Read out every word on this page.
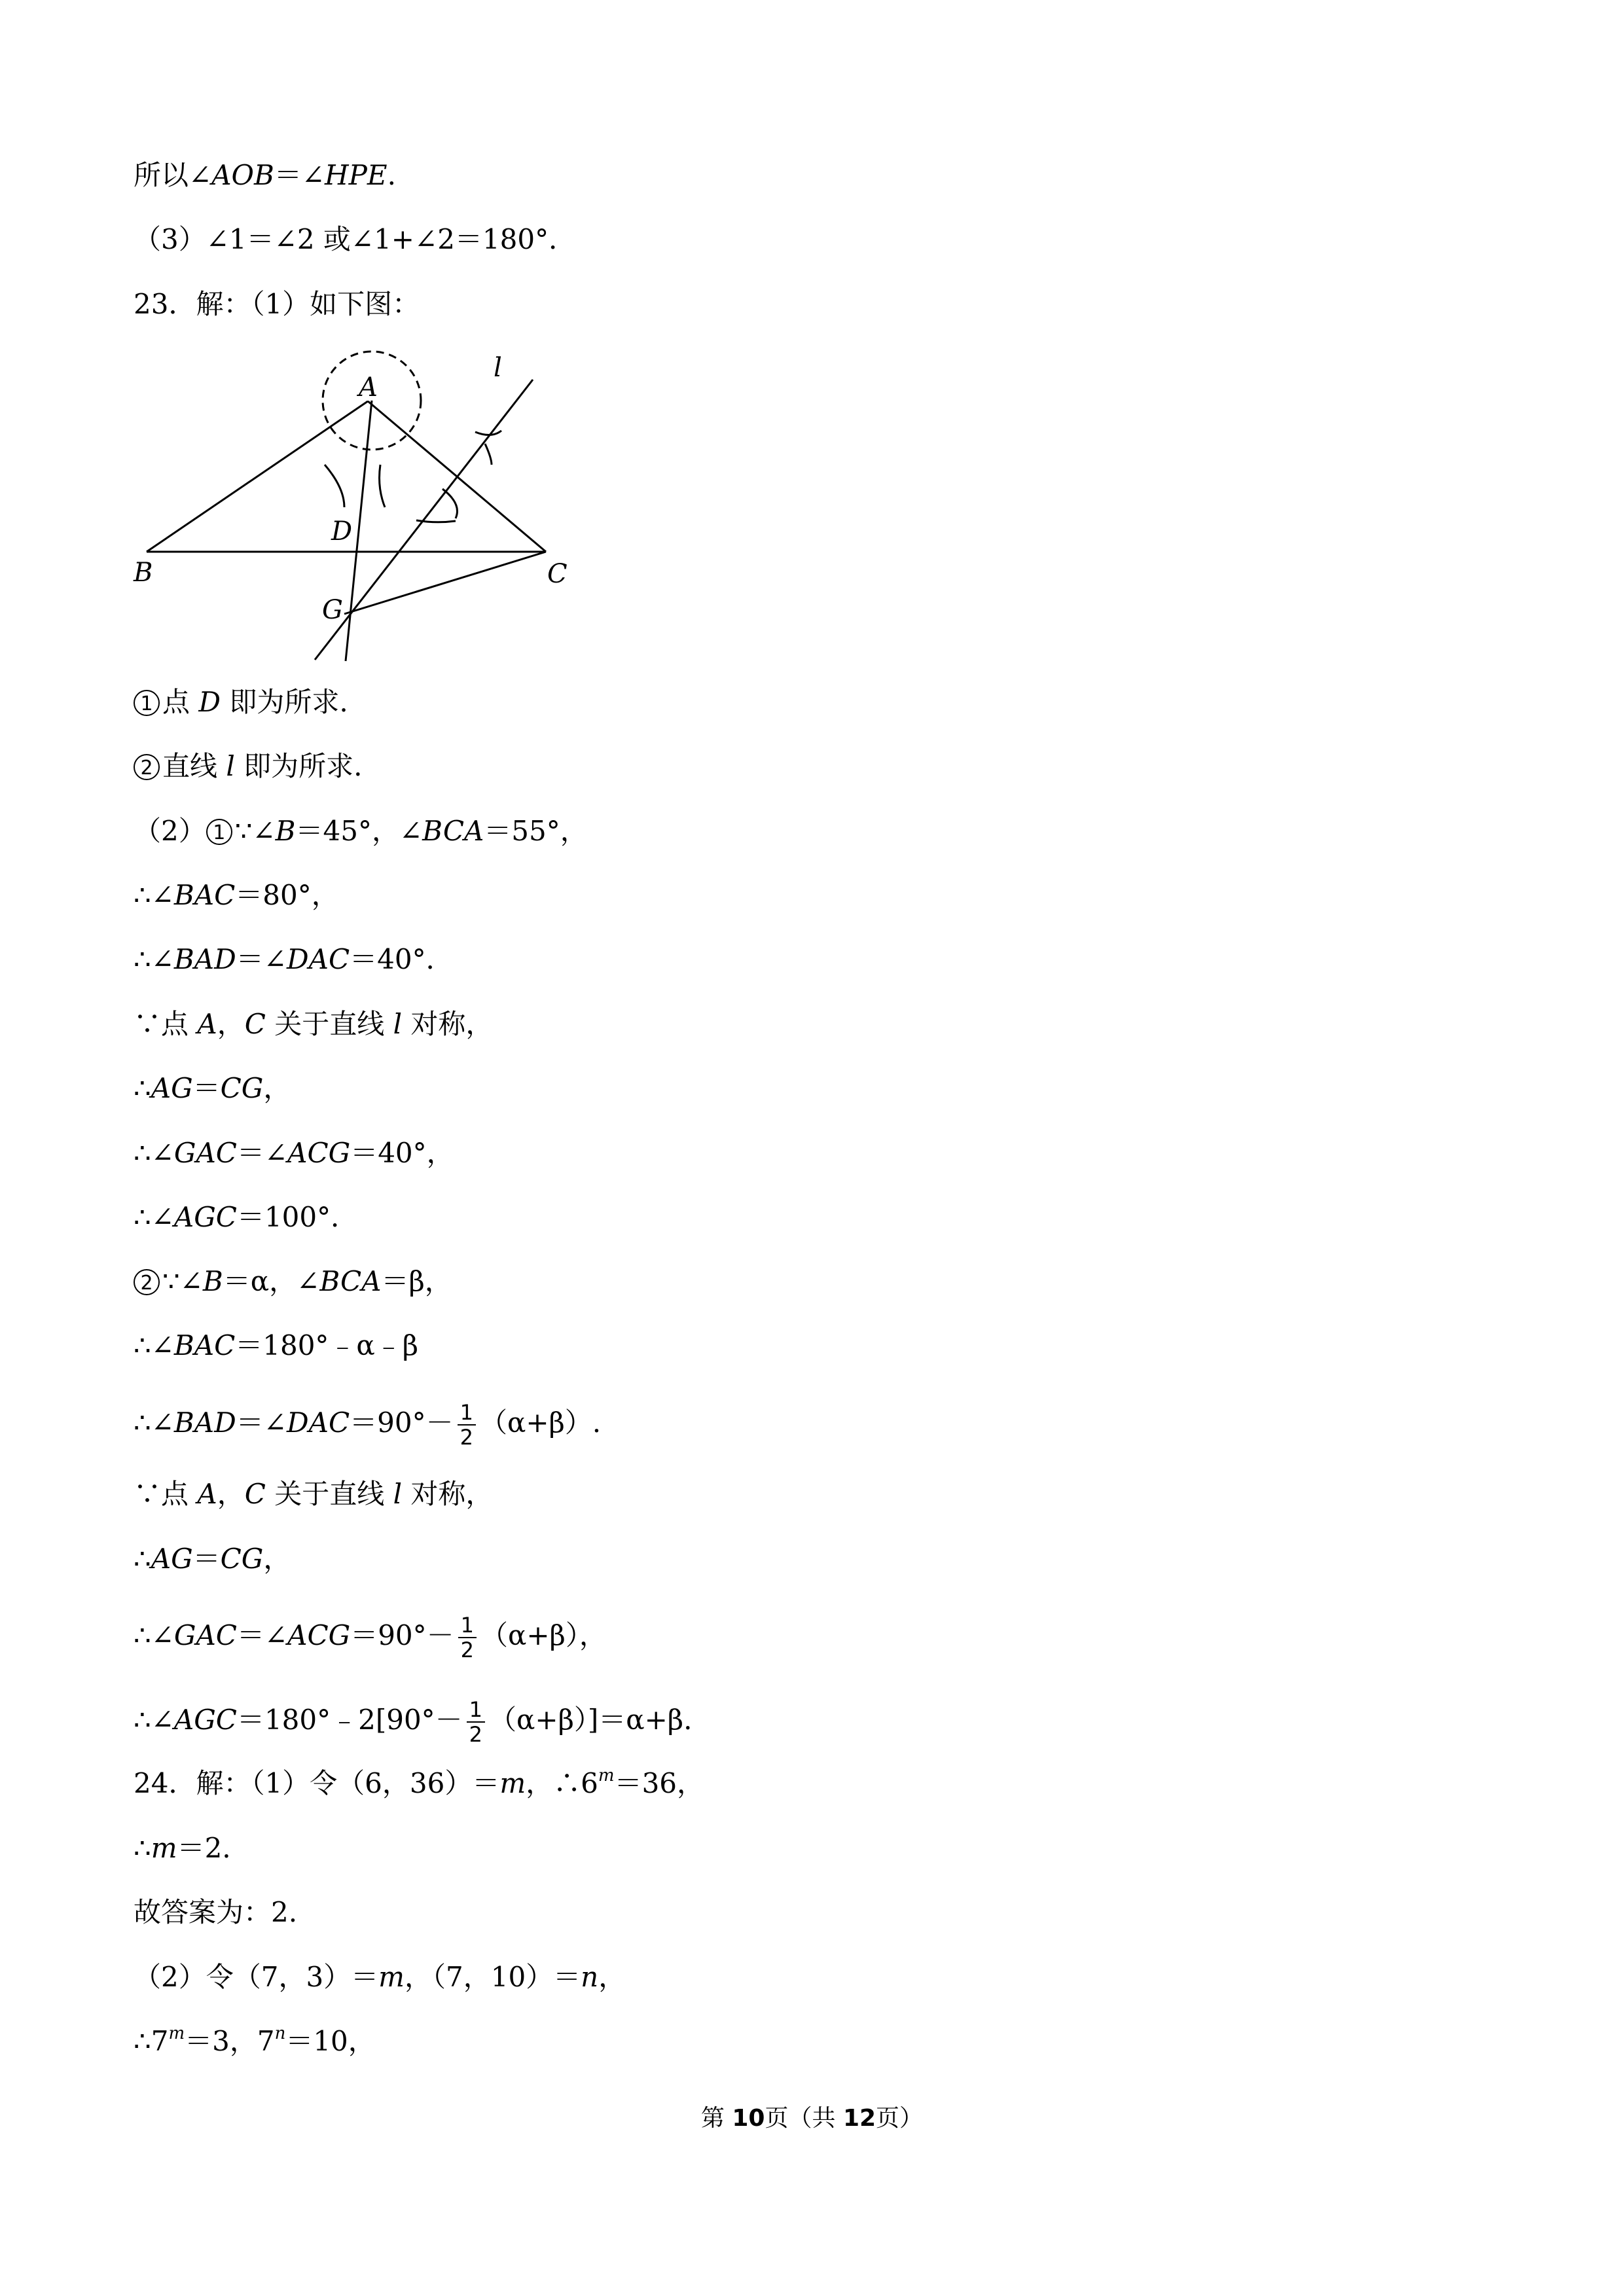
所以∠AOB＝∠HPE.
（3）∠1＝∠2 或∠1+∠2＝180°．
23．解：（1）如下图：
A
l
D
B	C
G
1 点 D 即为所求.
2 直线 l 即为所求.
（2） 1 ∵∠B＝45°，∠BCA＝55°，
∴∠BAC＝80°，
∴∠BAD＝∠DAC＝40°．
∵点 A，C 关于直线 l 对称，
∴AG＝CG，
∴∠GAC＝∠ACG＝40°，
∴∠AGC＝100°．
2 ∵∠B＝α，∠BCA＝β，
∴∠BAC＝180°﹣α﹣β
∴∠BAD＝∠DAC＝90°－ $\frac{1}{2} (\alpha+\beta)$.
∵点 A，C 关于直线 l 对称，
∴AG＝CG，
∴∠GAC＝∠ACG＝90°－ $\frac{1}{2} (\alpha+\beta)$，
∴∠AGC＝180°﹣2[90°－ $\frac{1}{2} (\alpha+\beta)]=\alpha+\beta$.
24．解：（1）令（6，36）＝m，$\therefore 6^m=36$，
∴m＝2.
故答案为：2.
（2）令（7，3）＝m，（7，10）＝n，
$\therefore 7^m=3$，$7^n=10$，
第 10页（共 12页）
